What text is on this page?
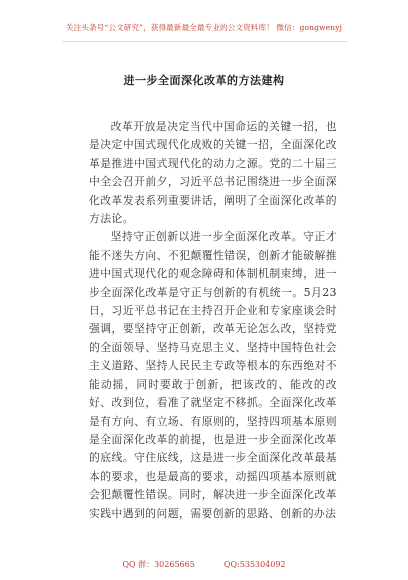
关注头条号“公文研究”，获得最新最全最专业的公文资料库！ 微信：gongwenyj
进一步全面深化改革的方法建构

改革开放是决定当代中国命运的关键一招，也是决定中国式现代化成败的关键一招，全面深化改革是推进中国式现代化的动力之源。党的二十届三中全会召开前夕，习近平总书记围绕进一步全面深化改革发表系列重要讲话，阐明了全面深化改革的方法论。

坚持守正创新以进一步全面深化改革。守正才能不迷失方向、不犯颠覆性错误，创新才能破解推进中国式现代化的观念障碍和体制机制束缚，进一步全面深化改革是守正与创新的有机统一。5月23日，习近平总书记在主持召开企业和专家座谈会时强调，要坚持守正创新，改革无论怎么改，坚持党的全面领导、坚持马克思主义、坚持中国特色社会主义道路、坚持人民民主专政等根本的东西绝对不能动摇，同时要敢于创新，把该改的、能改的改好、改到位，看准了就坚定不移抓。全面深化改革是有方向、有立场、有原则的，坚持四项基本原则是全面深化改革的前提，也是进一步全面深化改革的底线。守住底线，这是进一步全面深化改革最基本的要求，也是最高的要求，动摇四项基本原则就会犯颠覆性错误。同时，解决进一步全面深化改革实践中遇到的问题，需要创新的思路、创新的办法

QQ 群：30265665	QQ:535304092
